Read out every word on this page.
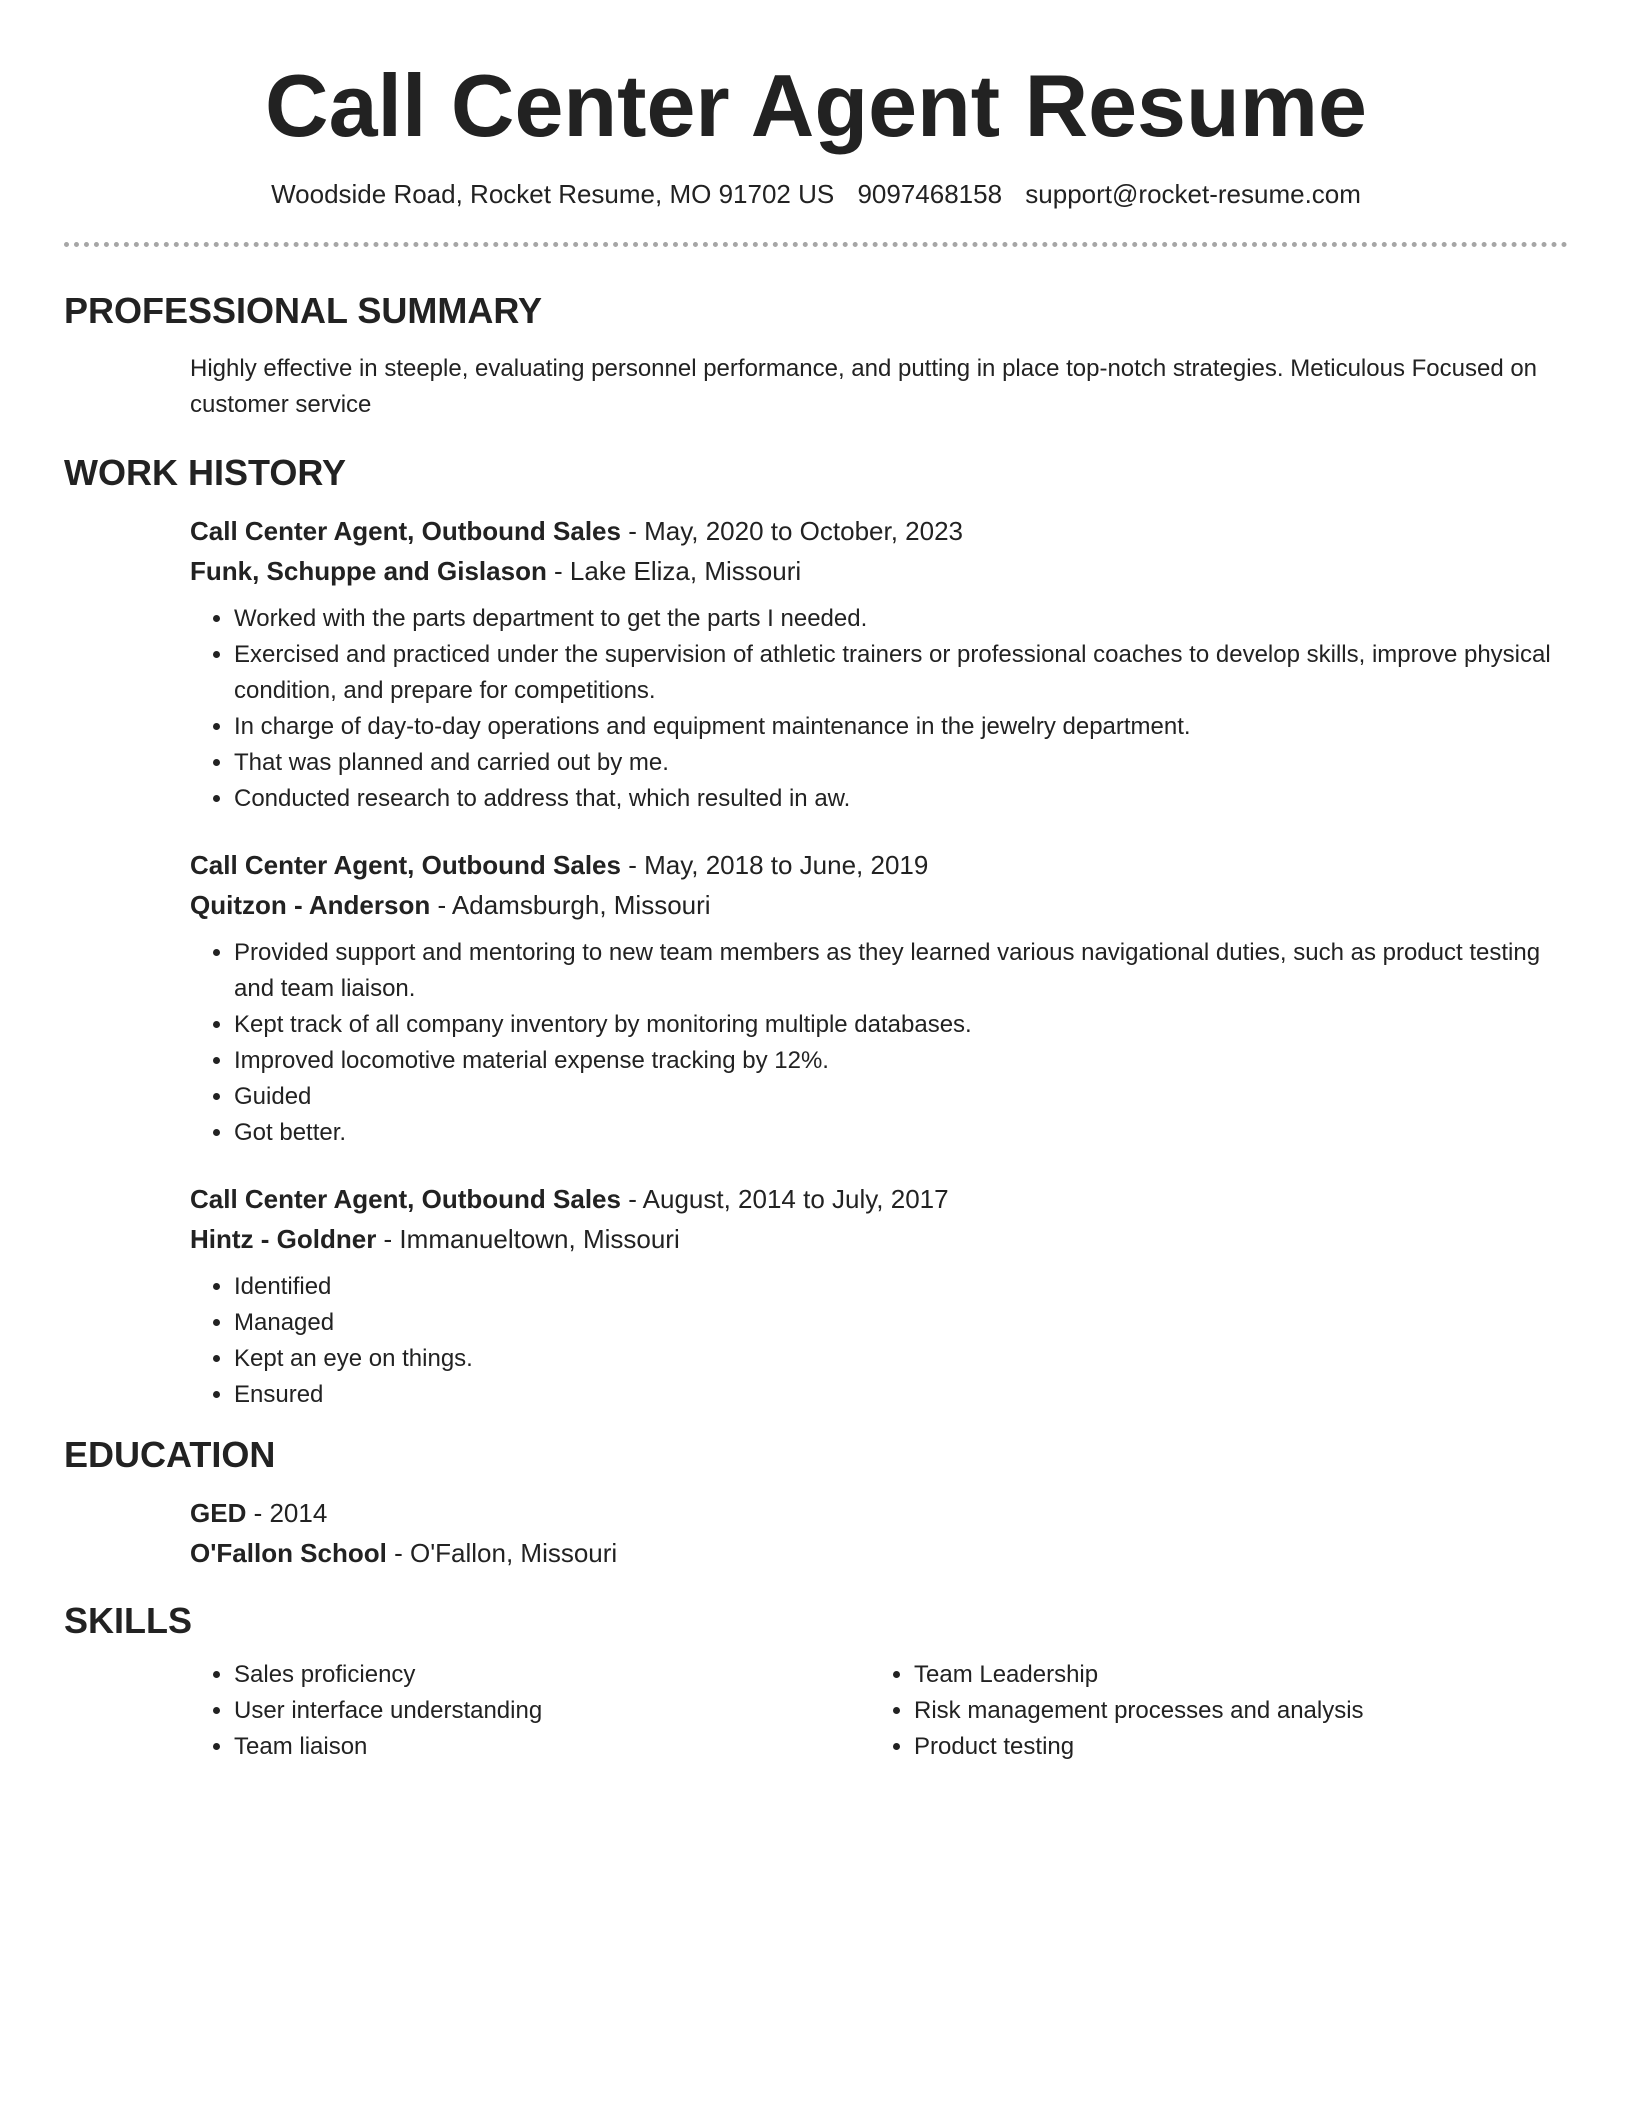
Call Center Agent Resume
Woodside Road, Rocket Resume, MO 91702 US 9097468158 support@rocket-resume.com
PROFESSIONAL SUMMARY

Highly effective in steeple, evaluating personnel performance, and putting in place top-notch strategies. Meticulous Focused on customer service

WORK HISTORY

Call Center Agent, Outbound Sales - May, 2020 to October, 2023

Funk, Schuppe and Gislason - Lake Eliza, Missouri

• Worked with the parts department to get the parts I needed.
• Exercised and practiced under the supervision of athletic trainers or professional coaches to develop skills, improve physical condition, and prepare for competitions.
• In charge of day-to-day operations and equipment maintenance in the jewelry department.
• That was planned and carried out by me.
• Conducted research to address that, which resulted in aw.

Call Center Agent, Outbound Sales - May, 2018 to June, 2019

Quitzon - Anderson - Adamsburgh, Missouri

• Provided support and mentoring to new team members as they learned various navigational duties, such as product testing and team liaison.
• Kept track of all company inventory by monitoring multiple databases.
• Improved locomotive material expense tracking by 12%.
• Guided
• Got better.

Call Center Agent, Outbound Sales - August, 2014 to July, 2017

Hintz - Goldner - Immanueltown, Missouri

• Identified
• Managed
• Kept an eye on things.
• Ensured
EDUCATION

GED - 2014

O'Fallon School - O'Fallon, Missouri

SKILLS
• Sales proficiency
• User interface understanding
• Team liaison
• Team Leadership
• Risk management processes and analysis
• Product testing
